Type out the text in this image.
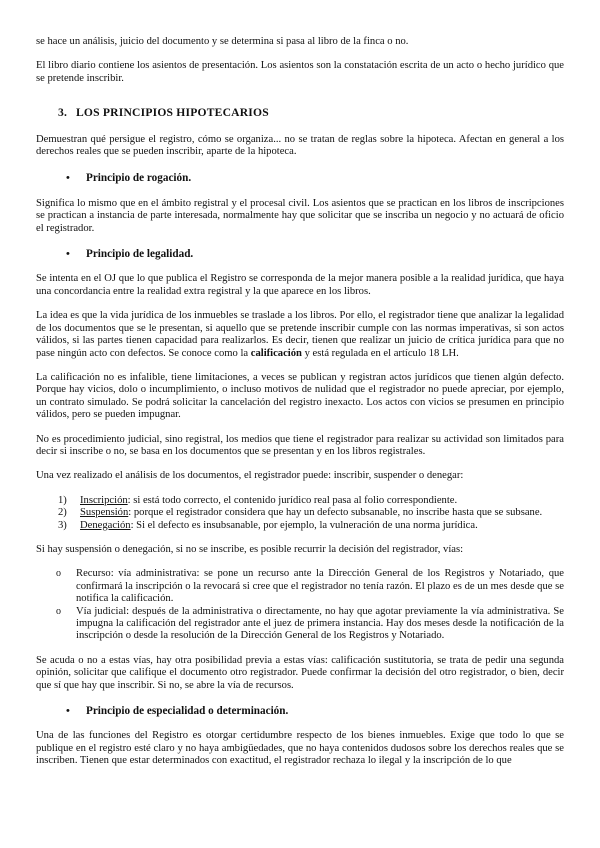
se hace un análisis, juicio del documento y se determina si pasa al libro de la finca o no.

El libro diario contiene los asientos de presentación. Los asientos son la constatación escrita de un acto o hecho jurídico que se pretende inscribir.

3. LOS PRINCIPIOS HIPOTECARIOS

Demuestran qué persigue el registro, cómo se organiza... no se tratan de reglas sobre la hipoteca. Afectan en general a los derechos reales que se pueden inscribir, aparte de la hipoteca.

•	Principio de rogación.

Significa lo mismo que en el ámbito registral y el procesal civil. Los asientos que se practican en los libros de inscripciones se practican a instancia de parte interesada, normalmente hay que solicitar que se inscriba un negocio y no actuará de oficio el registrador.

•	Principio de legalidad.

Se intenta en el OJ que lo que publica el Registro se corresponda de la mejor manera posible a la realidad jurídica, que haya una concordancia entre la realidad extra registral y la que aparece en los libros.

La idea es que la vida jurídica de los inmuebles se traslade a los libros. Por ello, el registrador tiene que analizar la legalidad de los documentos que se le presentan, si aquello que se pretende inscribir cumple con las normas imperativas, si son actos válidos, si las partes tienen capacidad para realizarlos. Es decir, tienen que realizar un juicio de crítica jurídica para que no pase ningún acto con defectos. Se conoce como la calificación y está regulada en el artículo 18 LH.

La calificación no es infalible, tiene limitaciones, a veces se publican y registran actos jurídicos que tienen algún defecto. Porque hay vicios, dolo o incumplimiento, o incluso motivos de nulidad que el registrador no puede apreciar, por ejemplo, un contrato simulado. Se podrá solicitar la cancelación del registro inexacto. Los actos con vicios se presumen en principio válidos, pero se pueden impugnar.

No es procedimiento judicial, sino registral, los medios que tiene el registrador para realizar su actividad son limitados para decir si inscribe o no, se basa en los documentos que se presentan y en los libros registrales.

Una vez realizado el análisis de los documentos, el registrador puede: inscribir, suspender o denegar:

1)	Inscripción: si está todo correcto, el contenido jurídico real pasa al folio correspondiente.
2)	Suspensión: porque el registrador considera que hay un defecto subsanable, no inscribe hasta que se subsane.
3)	Denegación: Si el defecto es insubsanable, por ejemplo, la vulneración de una norma jurídica.

Si hay suspensión o denegación, si no se inscribe, es posible recurrir la decisión del registrador, vías:

o	Recurso: vía administrativa: se pone un recurso ante la Dirección General de los Registros y Notariado, que confirmará la inscripción o la revocará si cree que el registrador no tenía razón. El plazo es de un mes desde que se notifica la calificación.
o	Vía judicial: después de la administrativa o directamente, no hay que agotar previamente la vía administrativa. Se impugna la calificación del registrador ante el juez de primera instancia. Hay dos meses desde la notificación de la inscripción o desde la resolución de la Dirección General de los Registros y Notariado.

Se acuda o no a estas vías, hay otra posibilidad previa a estas vías: calificación sustitutoria, se trata de pedir una segunda opinión, solicitar que califique el documento otro registrador. Puede confirmar la decisión del otro registrador, o bien, decir que sí que hay que inscribir. Si no, se abre la vía de recursos.

•	Principio de especialidad o determinación.

Una de las funciones del Registro es otorgar certidumbre respecto de los bienes inmuebles. Exige que todo lo que se publique en el registro esté claro y no haya ambigüedades, que no haya contenidos dudosos sobre los derechos reales que se inscriben. Tienen que estar determinados con exactitud, el registrador rechaza lo ilegal y la inscripción de lo que
